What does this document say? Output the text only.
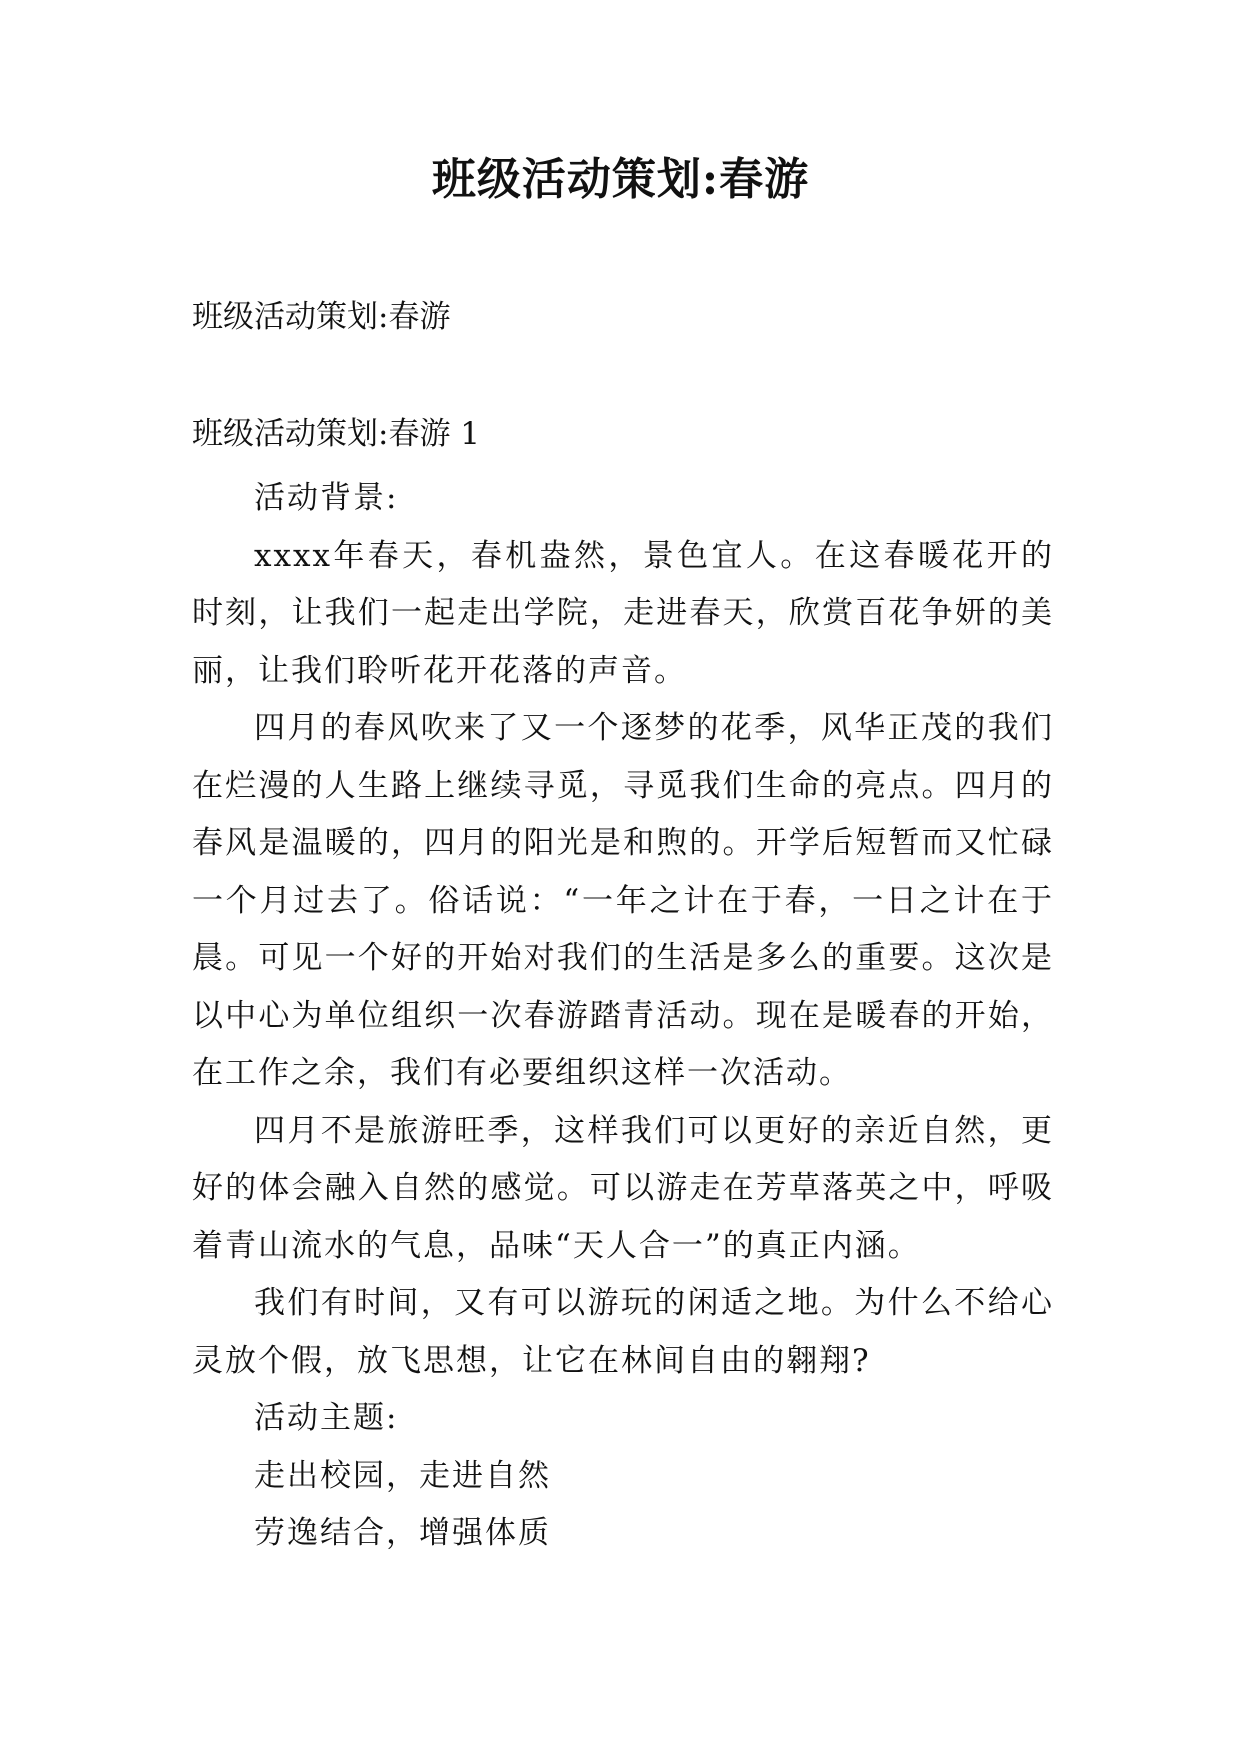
班级活动策划:春游
班级活动策划:春游
班级活动策划:春游 1

活动背景:

xxxx年春天，春机盎然，景色宜人。在这春暖花开的时刻，让我们一起走出学院，走进春天，欣赏百花争妍的美丽，让我们聆听花开花落的声音。

四月的春风吹来了又一个逐梦的花季，风华正茂的我们在烂漫的人生路上继续寻觅，寻觅我们生命的亮点。四月的春风是温暖的，四月的阳光是和煦的。开学后短暂而又忙碌一个月过去了。俗话说：“一年之计在于春，一日之计在于晨。可见一个好的开始对我们的生活是多么的重要。这次是以中心为单位组织一次春游踏青活动。现在是暖春的开始，在工作之余，我们有必要组织这样一次活动。

四月不是旅游旺季，这样我们可以更好的亲近自然，更好的体会融入自然的感觉。可以游走在芳草落英之中，呼吸着青山流水的气息，品味“天人合一”的真正内涵。

我们有时间，又有可以游玩的闲适之地。为什么不给心灵放个假，放飞思想，让它在林间自由的翱翔?

活动主题:

走出校园，走进自然

劳逸结合，增强体质
